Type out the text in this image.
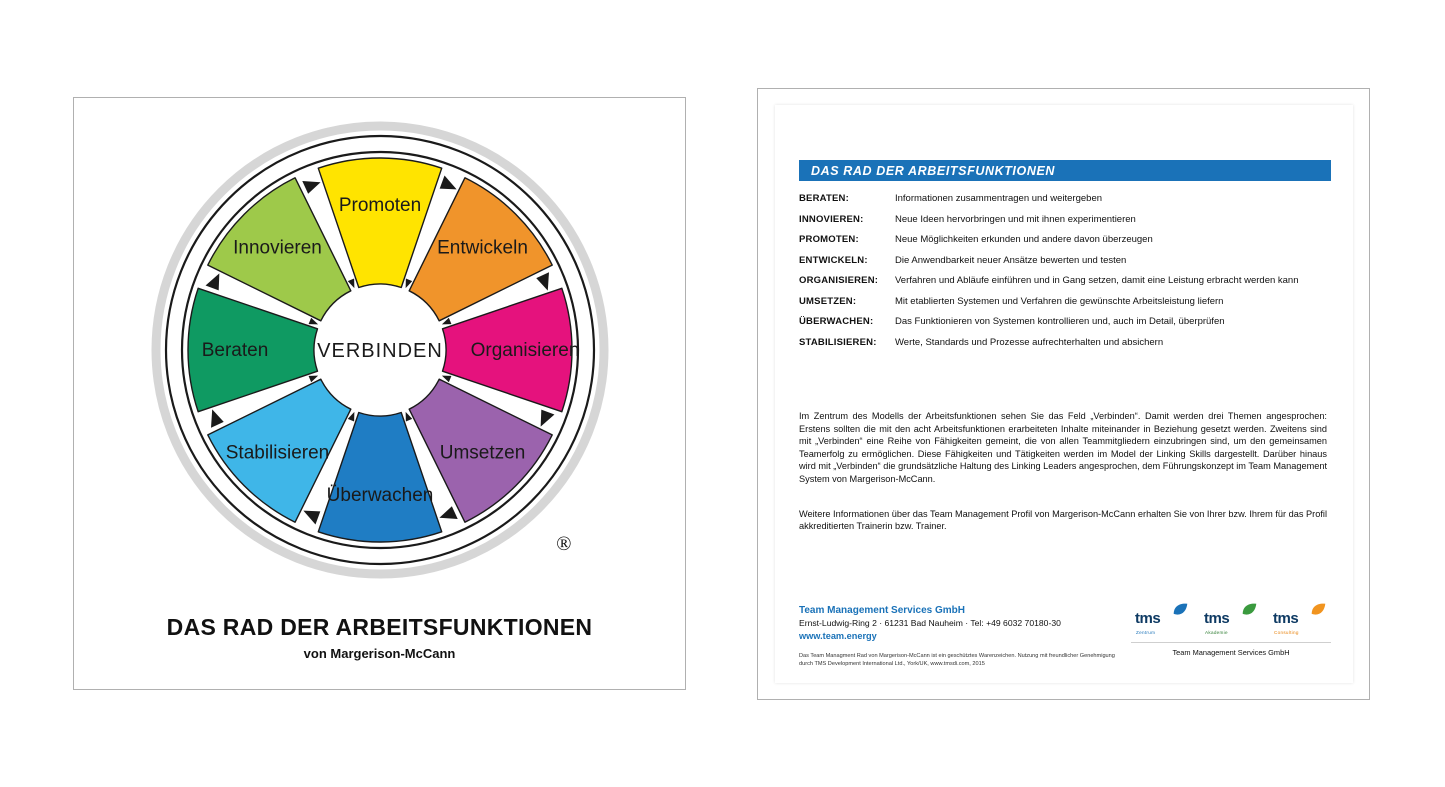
VERBINDEN
Promoten
Entwickeln
Organisieren
Umsetzen
Überwachen
Stabilisieren
Beraten
Innovieren
®
DAS RAD DER ARBEITSFUNKTIONEN
von Margerison-McCann
DAS RAD DER ARBEITSFUNKTIONEN
BERATEN:	Informationen zusammentragen und weitergeben
INNOVIEREN:	Neue Ideen hervorbringen und mit ihnen experimentieren
PROMOTEN:	Neue Möglichkeiten erkunden und andere davon überzeugen
ENTWICKELN:	Die Anwendbarkeit neuer Ansätze bewerten und testen
ORGANISIEREN:	Verfahren und Abläufe einführen und in Gang setzen, damit eine Leistung erbracht werden kann
UMSETZEN:	Mit etablierten Systemen und Verfahren die gewünschte Arbeitsleistung liefern
ÜBERWACHEN:	Das Funktionieren von Systemen kontrollieren und, auch im Detail, überprüfen
STABILISIEREN:	Werte, Standards und Prozesse aufrechterhalten und absichern
Im Zentrum des Modells der Arbeitsfunktionen sehen Sie das Feld „Verbinden“. Damit werden drei Themen angesprochen: Erstens sollten die mit den acht Arbeitsfunktionen erarbeiteten Inhalte miteinander in Beziehung gesetzt werden. Zweitens sind mit „Verbinden“ eine Reihe von Fähigkeiten gemeint, die von allen Teammitgliedern einzubringen sind, um den gemeinsamen Teamerfolg zu ermöglichen. Diese Fähigkeiten und Tätigkeiten werden im Model der Linking Skills dargestellt. Darüber hinaus wird mit „Verbinden“ die grundsätzliche Haltung des Linking Leaders angesprochen, dem Führungskonzept im Team Management System von Margerison-McCann.
Weitere Informationen über das Team Management Profil von Margerison-McCann erhalten Sie von Ihrer bzw. Ihrem für das Profil akkreditierten Trainerin bzw. Trainer.
Team Management Services GmbH
Ernst-Ludwig-Ring 2 · 61231 Bad Nauheim · Tel: +49 6032 70180-30
www.team.energy
Das Team Managment Rad von Margerison-McCann ist ein geschütztes Warenzeichen. Nutzung mit freundlicher Genehmigung durch TMS Development International Ltd., York/UK, www.tmsdi.com, 2015
tms
Zentrum
tms
Akademie
tms
Consulting
Team Management Services GmbH
